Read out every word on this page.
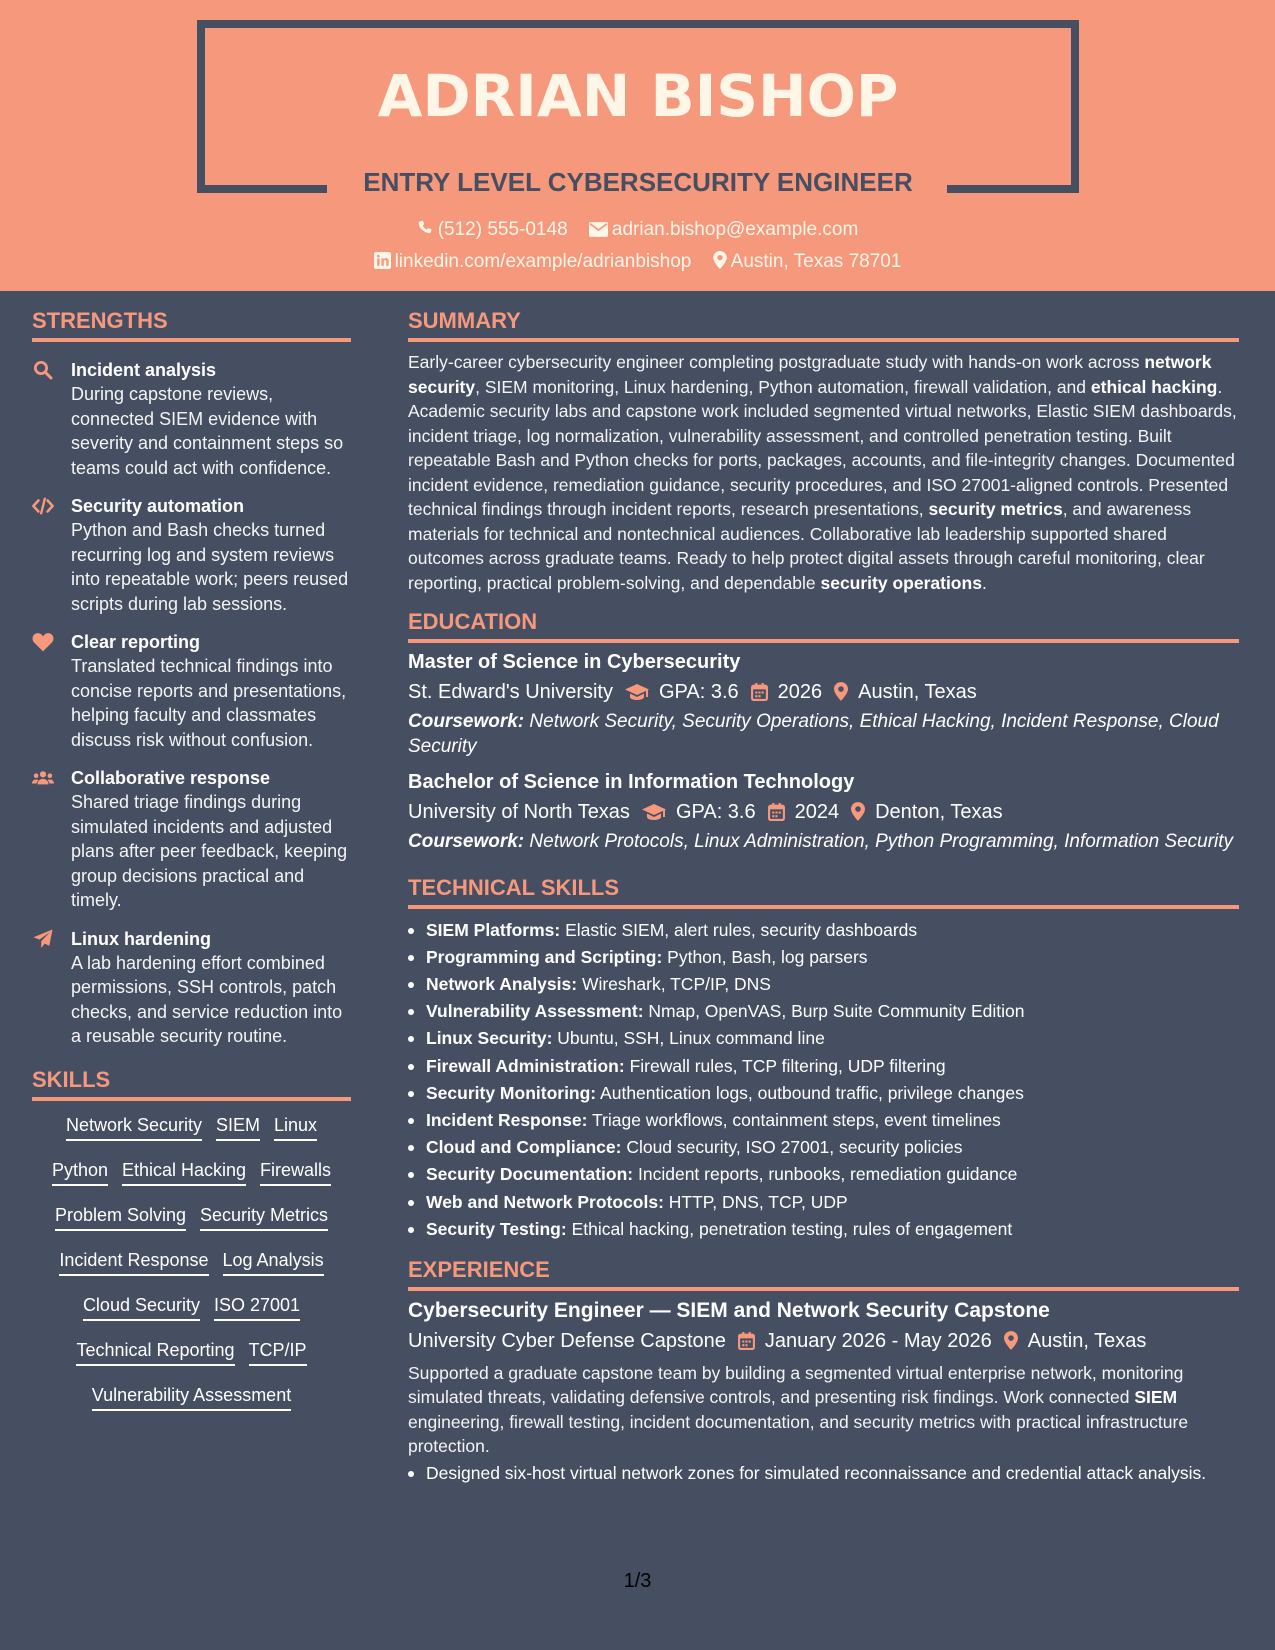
ADRIAN BISHOP
ENTRY LEVEL CYBERSECURITY ENGINEER
(512) 555-0148 adrian.bishop@example.com
linkedin.com/example/adrianbishop Austin, Texas 78701
STRENGTHS
Incident analysis
During capstone reviews, connected SIEM evidence with severity and containment steps so teams could act with confidence.
Security automation
Python and Bash checks turned recurring log and system reviews into repeatable work; peers reused scripts during lab sessions.
Clear reporting
Translated technical findings into concise reports and presentations, helping faculty and classmates discuss risk without confusion.
Collaborative response
Shared triage findings during simulated incidents and adjusted plans after peer feedback, keeping group decisions practical and timely.
Linux hardening
A lab hardening effort combined permissions, SSH controls, patch checks, and service reduction into a reusable security routine.
SKILLS
Network Security SIEM Linux
Python Ethical Hacking Firewalls
Problem Solving Security Metrics
Incident Response Log Analysis
Cloud Security ISO 27001
Technical Reporting TCP/IP
Vulnerability Assessment
SUMMARY
Early-career cybersecurity engineer completing postgraduate study with hands-on work across network security, SIEM monitoring, Linux hardening, Python automation, firewall validation, and ethical hacking. Academic security labs and capstone work included segmented virtual networks, Elastic SIEM dashboards, incident triage, log normalization, vulnerability assessment, and controlled penetration testing. Built repeatable Bash and Python checks for ports, packages, accounts, and file-integrity changes. Documented incident evidence, remediation guidance, security procedures, and ISO 27001-aligned controls. Presented technical findings through incident reports, research presentations, security metrics, and awareness materials for technical and nontechnical audiences. Collaborative lab leadership supported shared outcomes across graduate teams. Ready to help protect digital assets through careful monitoring, clear reporting, practical problem-solving, and dependable security operations.
EDUCATION
Master of Science in Cybersecurity
St. Edward's University GPA: 3.6 2026 Austin, Texas
Coursework: Network Security, Security Operations, Ethical Hacking, Incident Response, Cloud Security
Bachelor of Science in Information Technology
University of North Texas GPA: 3.6 2024 Denton, Texas
Coursework: Network Protocols, Linux Administration, Python Programming, Information Security
TECHNICAL SKILLS
SIEM Platforms: Elastic SIEM, alert rules, security dashboards
Programming and Scripting: Python, Bash, log parsers
Network Analysis: Wireshark, TCP/IP, DNS
Vulnerability Assessment: Nmap, OpenVAS, Burp Suite Community Edition
Linux Security: Ubuntu, SSH, Linux command line
Firewall Administration: Firewall rules, TCP filtering, UDP filtering
Security Monitoring: Authentication logs, outbound traffic, privilege changes
Incident Response: Triage workflows, containment steps, event timelines
Cloud and Compliance: Cloud security, ISO 27001, security policies
Security Documentation: Incident reports, runbooks, remediation guidance
Web and Network Protocols: HTTP, DNS, TCP, UDP
Security Testing: Ethical hacking, penetration testing, rules of engagement
EXPERIENCE
Cybersecurity Engineer — SIEM and Network Security Capstone
University Cyber Defense Capstone January 2026 - May 2026 Austin, Texas
Supported a graduate capstone team by building a segmented virtual enterprise network, monitoring simulated threats, validating defensive controls, and presenting risk findings. Work connected SIEM engineering, firewall testing, incident documentation, and security metrics with practical infrastructure protection.
Designed six-host virtual network zones for simulated reconnaissance and credential attack analysis.
1/3
